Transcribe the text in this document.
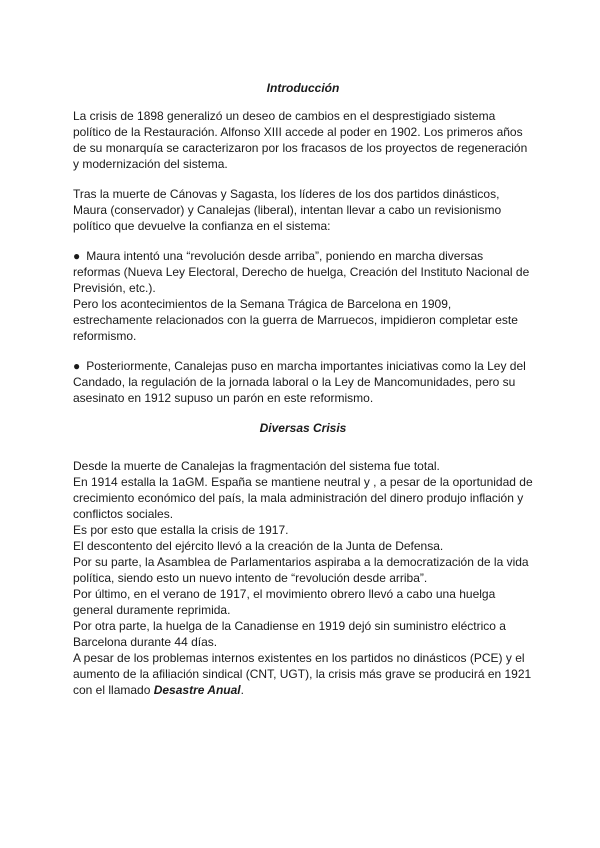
Introducción

La crisis de 1898 generalizó un deseo de cambios en el desprestigiado sistema político de la Restauración. Alfonso XIII accede al poder en 1902. Los primeros años de su monarquía se caracterizaron por los fracasos de los proyectos de regeneración y modernización del sistema.

Tras la muerte de Cánovas y Sagasta, los líderes de los dos partidos dinásticos, Maura (conservador) y Canalejas (liberal), intentan llevar a cabo un revisionismo político que devuelve la confianza en el sistema:

● Maura intentó una “revolución desde arriba”, poniendo en marcha diversas reformas (Nueva Ley Electoral, Derecho de huelga, Creación del Instituto Nacional de Previsión, etc.).

Pero los acontecimientos de la Semana Trágica de Barcelona en 1909, estrechamente relacionados con la guerra de Marruecos, impidieron completar este reformismo.

● Posteriormente, Canalejas puso en marcha importantes iniciativas como la Ley del Candado, la regulación de la jornada laboral o la Ley de Mancomunidades, pero su asesinato en 1912 supuso un parón en este reformismo.

Diversas Crisis

Desde la muerte de Canalejas la fragmentación del sistema fue total.

En 1914 estalla la 1aGM. España se mantiene neutral y , a pesar de la oportunidad de crecimiento económico del país, la mala administración del dinero produjo inflación y conflictos sociales.

Es por esto que estalla la crisis de 1917.

El descontento del ejército llevó a la creación de la Junta de Defensa.

Por su parte, la Asamblea de Parlamentarios aspiraba a la democratización de la vida política, siendo esto un nuevo intento de “revolución desde arriba”.

Por último, en el verano de 1917, el movimiento obrero llevó a cabo una huelga general duramente reprimida.

Por otra parte, la huelga de la Canadiense en 1919 dejó sin suministro eléctrico a Barcelona durante 44 días.

A pesar de los problemas internos existentes en los partidos no dinásticos (PCE) y el aumento de la afiliación sindical (CNT, UGT), la crisis más grave se producirá en 1921 con el llamado Desastre Anual.
